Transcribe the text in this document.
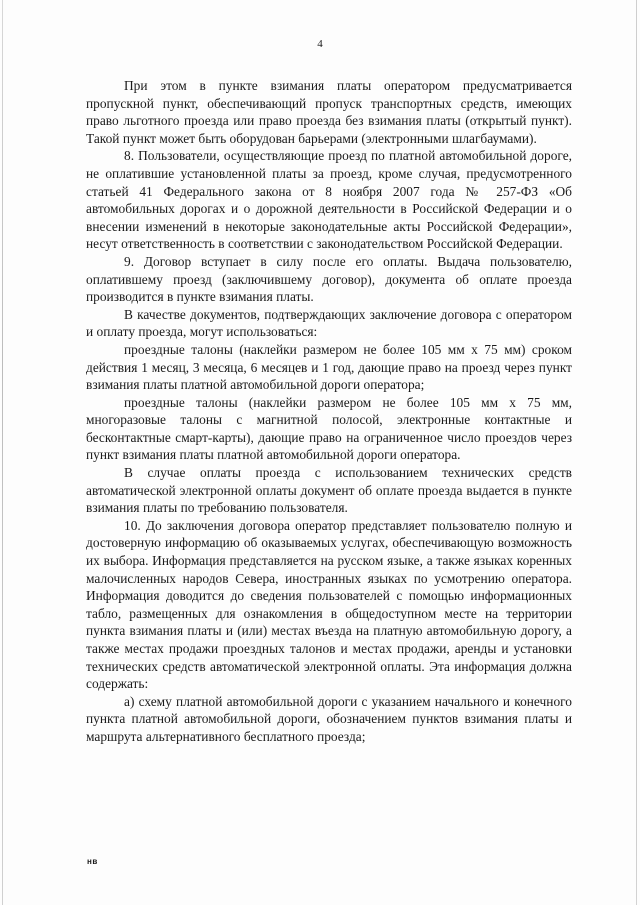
4

При этом в пункте взимания платы оператором предусматривается пропускной пункт, обеспечивающий пропуск транспортных средств, имеющих право льготного проезда или право проезда без взимания платы (открытый пункт). Такой пункт может быть оборудован барьерами (электронными шлагбаумами).

8. Пользователи, осуществляющие проезд по платной автомобильной дороге, не оплатившие установленной платы за проезд, кроме случая, предусмотренного статьей 41 Федерального закона от 8 ноября 2007 года № 257-ФЗ «Об автомобильных дорогах и о дорожной деятельности в Российской Федерации и о внесении изменений в некоторые законодательные акты Российской Федерации», несут ответственность в соответствии с законодательством Российской Федерации.

9. Договор вступает в силу после его оплаты. Выдача пользователю, оплатившему проезд (заключившему договор), документа об оплате проезда производится в пункте взимания платы.

В качестве документов, подтверждающих заключение договора с оператором и оплату проезда, могут использоваться:

проездные талоны (наклейки размером не более 105 мм х 75 мм) сроком действия 1 месяц, 3 месяца, 6 месяцев и 1 год, дающие право на проезд через пункт взимания платы платной автомобильной дороги оператора;

проездные талоны (наклейки размером не более 105 мм х 75 мм, многоразовые талоны с магнитной полосой, электронные контактные и бесконтактные смарт-карты), дающие право на ограниченное число проездов через пункт взимания платы платной автомобильной дороги оператора.

В случае оплаты проезда с использованием технических средств автоматической электронной оплаты документ об оплате проезда выдается в пункте взимания платы по требованию пользователя.

10. До заключения договора оператор представляет пользователю полную и достоверную информацию об оказываемых услугах, обеспечивающую возможность их выбора. Информация представляется на русском языке, а также языках коренных малочисленных народов Севера, иностранных языках по усмотрению оператора. Информация доводится до сведения пользователей с помощью информационных табло, размещенных для ознакомления в общедоступном месте на территории пункта взимания платы и (или) местах въезда на платную автомобильную дорогу, а также местах продажи проездных талонов и местах продажи, аренды и установки технических средств автоматической электронной оплаты. Эта информация должна содержать:

а) схему платной автомобильной дороги с указанием начального и конечного пункта платной автомобильной дороги, обозначением пунктов взимания платы и маршрута альтернативного бесплатного проезда;

нв
